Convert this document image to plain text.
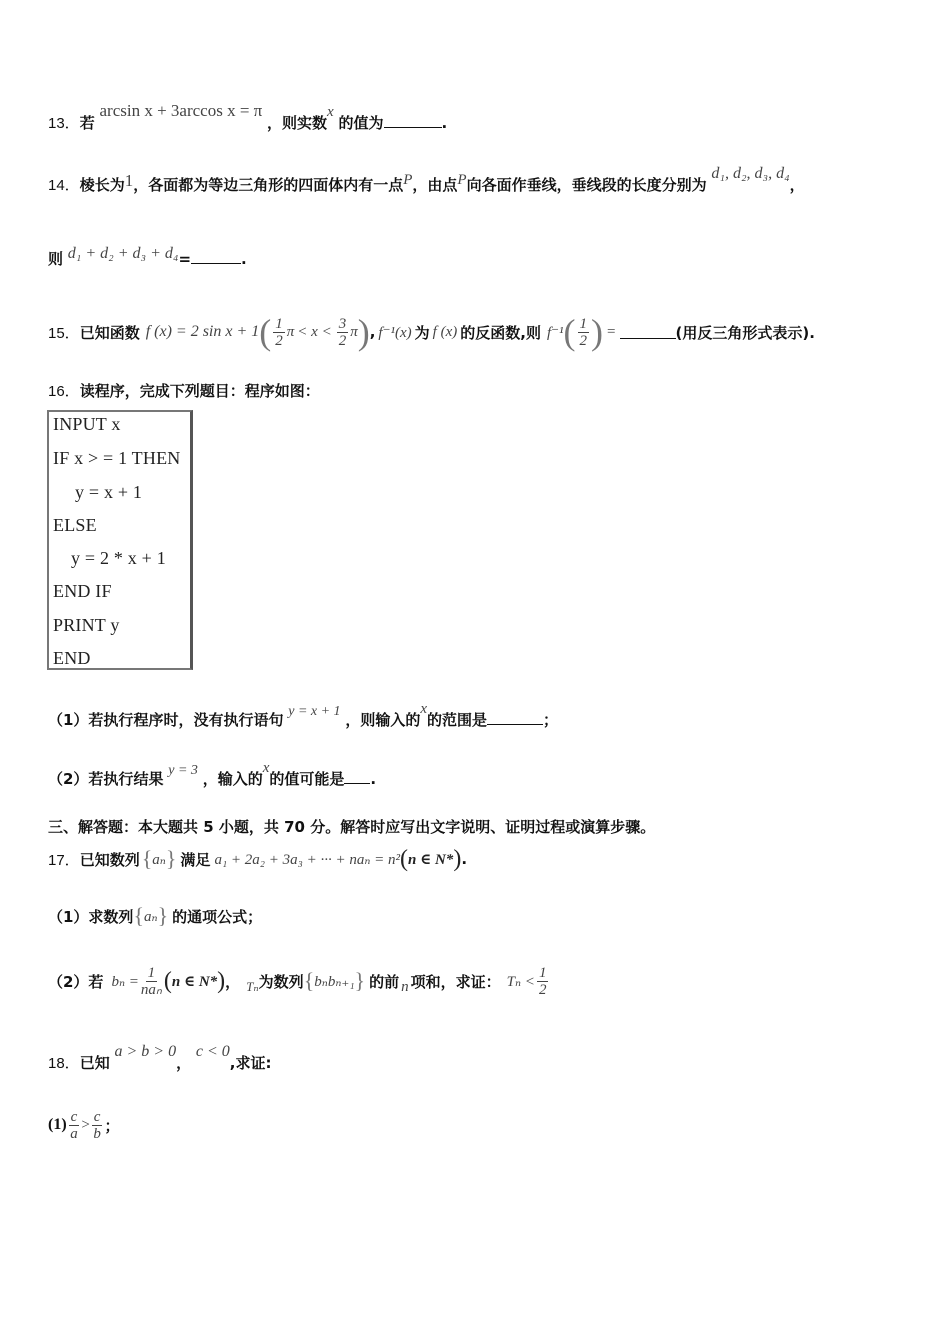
13．若 arcsin x + 3arccos x = π ，则实数x 的值为	.
14．棱长为1，各面都为等边三角形的四面体内有一点P，由点P向各面作垂线，垂线段的长度分别为 d₁, d₂, d₃, d₄，
则 d₁ + d₂ + d₃ + d₄=	.
15． 已知函数 f (x) = 2 sin x + 1 ( $\frac{1}{2}$ $\pi < x < \frac{3}{2}$ π ) , f⁻¹(x) 为 f (x) 的反函数,则 f⁻¹ ( $\frac{1}{2}$ ) =	(用反三角形式表示).
16．读程序，完成下列题目：程序如图：
INPUT x
IF x > = 1 THEN
y = x + 1
ELSE
y = 2 * x + 1
END IF
PRINT y
END
（1）若执行程序时，没有执行语句 y = x + 1 ，则输入的x的范围是	；
（2）若执行结果 y = 3 ，输入的x的值可能是 .
三、解答题：本大题共 5 小题，共 70 分。解答时应写出文字说明、证明过程或演算步骤。
17． 已知数列 { aₙ } 满足 a₁ + 2a₂ + 3a₃ + ··· + naₙ = n² ( n ∈ N* ) .
（1）求数列 { aₙ } 的通项公式；
（2）若 $b_n = \frac{1}{\text{naₙ}}$ ( n ∈ N* ) ， Tₙ 为数列 { bₙbₙ₊₁ } 的前 n 项和，求证： $T_n < \frac{1}{2}$
18．已知 a > b > 0， c < 0,求证:
$(1) \frac{c}{a} > \frac{c}{b}$ ；
